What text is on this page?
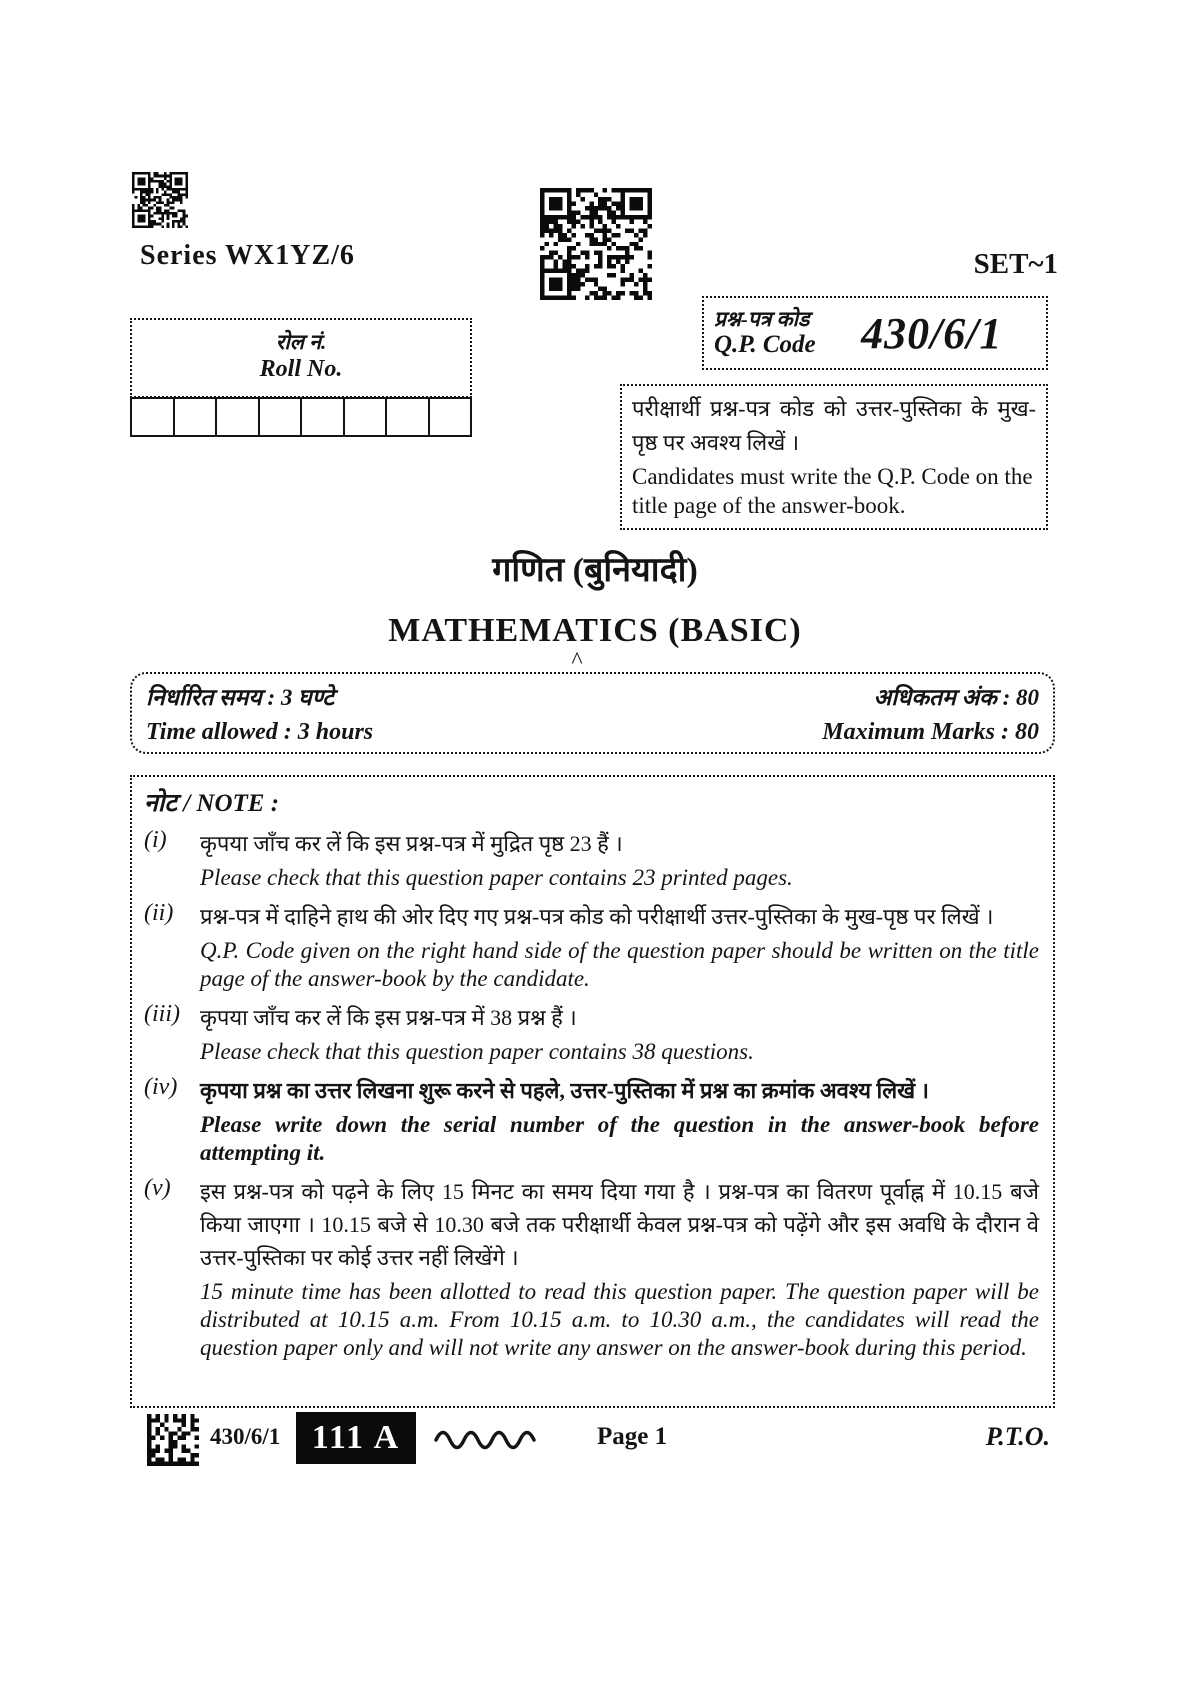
Series WX1YZ/6	SET~1
प्रश्न-पत्र कोड
Q.P. Code	430/6/1
रोल नं.
Roll No.
परीक्षार्थी प्रश्न-पत्र कोड को उत्तर-पुस्तिका के मुख-पृष्ठ पर अवश्य लिखें ।
Candidates must write the Q.P. Code on the title page of the answer-book.
गणित (बुनियादी)
MATHEMATICS (BASIC)
^
निर्धारित समय : 3 घण्टे	अधिकतम अंक : 80
Time allowed : 3 hours	Maximum Marks : 80
नोट / NOTE :
(i)	कृपया जाँच कर लें कि इस प्रश्न-पत्र में मुद्रित पृष्ठ 23 हैं ।
Please check that this question paper contains 23 printed pages.
(ii)	प्रश्न-पत्र में दाहिने हाथ की ओर दिए गए प्रश्न-पत्र कोड को परीक्षार्थी उत्तर-पुस्तिका के मुख-पृष्ठ पर लिखें ।
Q.P. Code given on the right hand side of the question paper should be written on the title page of the answer-book by the candidate.
(iii) कृपया जाँच कर लें कि इस प्रश्न-पत्र में 38 प्रश्न हैं ।
Please check that this question paper contains 38 questions.
(iv)	कृपया प्रश्न का उत्तर लिखना शुरू करने से पहले, उत्तर-पुस्तिका में प्रश्न का क्रमांक अवश्य लिखें ।
Please write down the serial number of the question in the answer-book before attempting it.
(v)	इस प्रश्न-पत्र को पढ़ने के लिए 15 मिनट का समय दिया गया है । प्रश्न-पत्र का वितरण पूर्वाह्न में 10.15 बजे किया जाएगा । 10.15 बजे से 10.30 बजे तक परीक्षार्थी केवल प्रश्न-पत्र को पढ़ेंगे और इस अवधि के दौरान वे उत्तर-पुस्तिका पर कोई उत्तर नहीं लिखेंगे ।
15 minute time has been allotted to read this question paper. The question paper will be distributed at 10.15 a.m. From 10.15 a.m. to 10.30 a.m., the candidates will read the question paper only and will not write any answer on the answer-book during this period.
430/6/1 111 A	Page 1	P.T.O.
